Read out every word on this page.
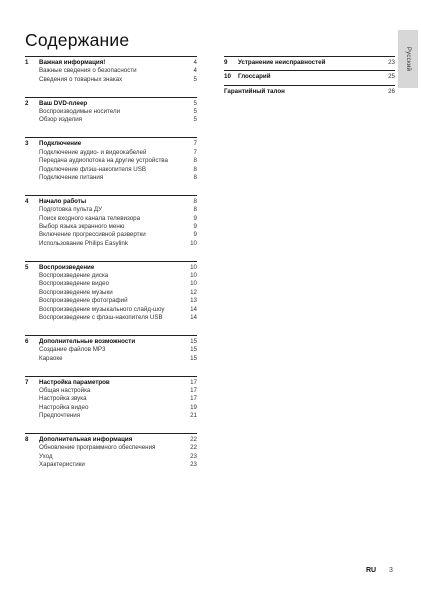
Содержание
Русский
1	Важная информация!	4
Важные сведения о безопасности	4
Сведения о товарных знаках	5
2	Ваш DVD-плеер	5
Воспроизводимые носители	5
Обзор изделия	5
3	Подключение	7
Подключение аудио- и видеокабелей	7
Передача аудиопотока на другие устройства	8
Подключение флэш-накопителя USB	8
Подключение питания	8
4	Начало работы	8
Подготовка пульта ДУ	8
Поиск входного канала телевизора	9
Выбор языка экранного меню	9
Включение прогрессивной развертки	9
Использование Philips Easylink	10
5	Воспроизведение	10
Воспроизведение диска	10
Воспроизведение видео	10
Воспроизведение музыки	12
Воспроизведение фотографий	13
Воспроизведение музыкального слайд-шоу	14
Воспроизведение с флэш-накопителя USB	14
6	Дополнительные возможности	15
Создание файлов MP3	15
Караоке	15
7	Настройка параметров	17
Общая настройка	17
Настройка звука	17
Настройка видео	19
Предпочтения	21
8	Дополнительная информация	22
Обновление программного обеспечения	22
Уход	23
Характеристики	23
9	Устранение неисправностей	23
10	Глоссарий	25
Гарантийный талон	26
RU 3
